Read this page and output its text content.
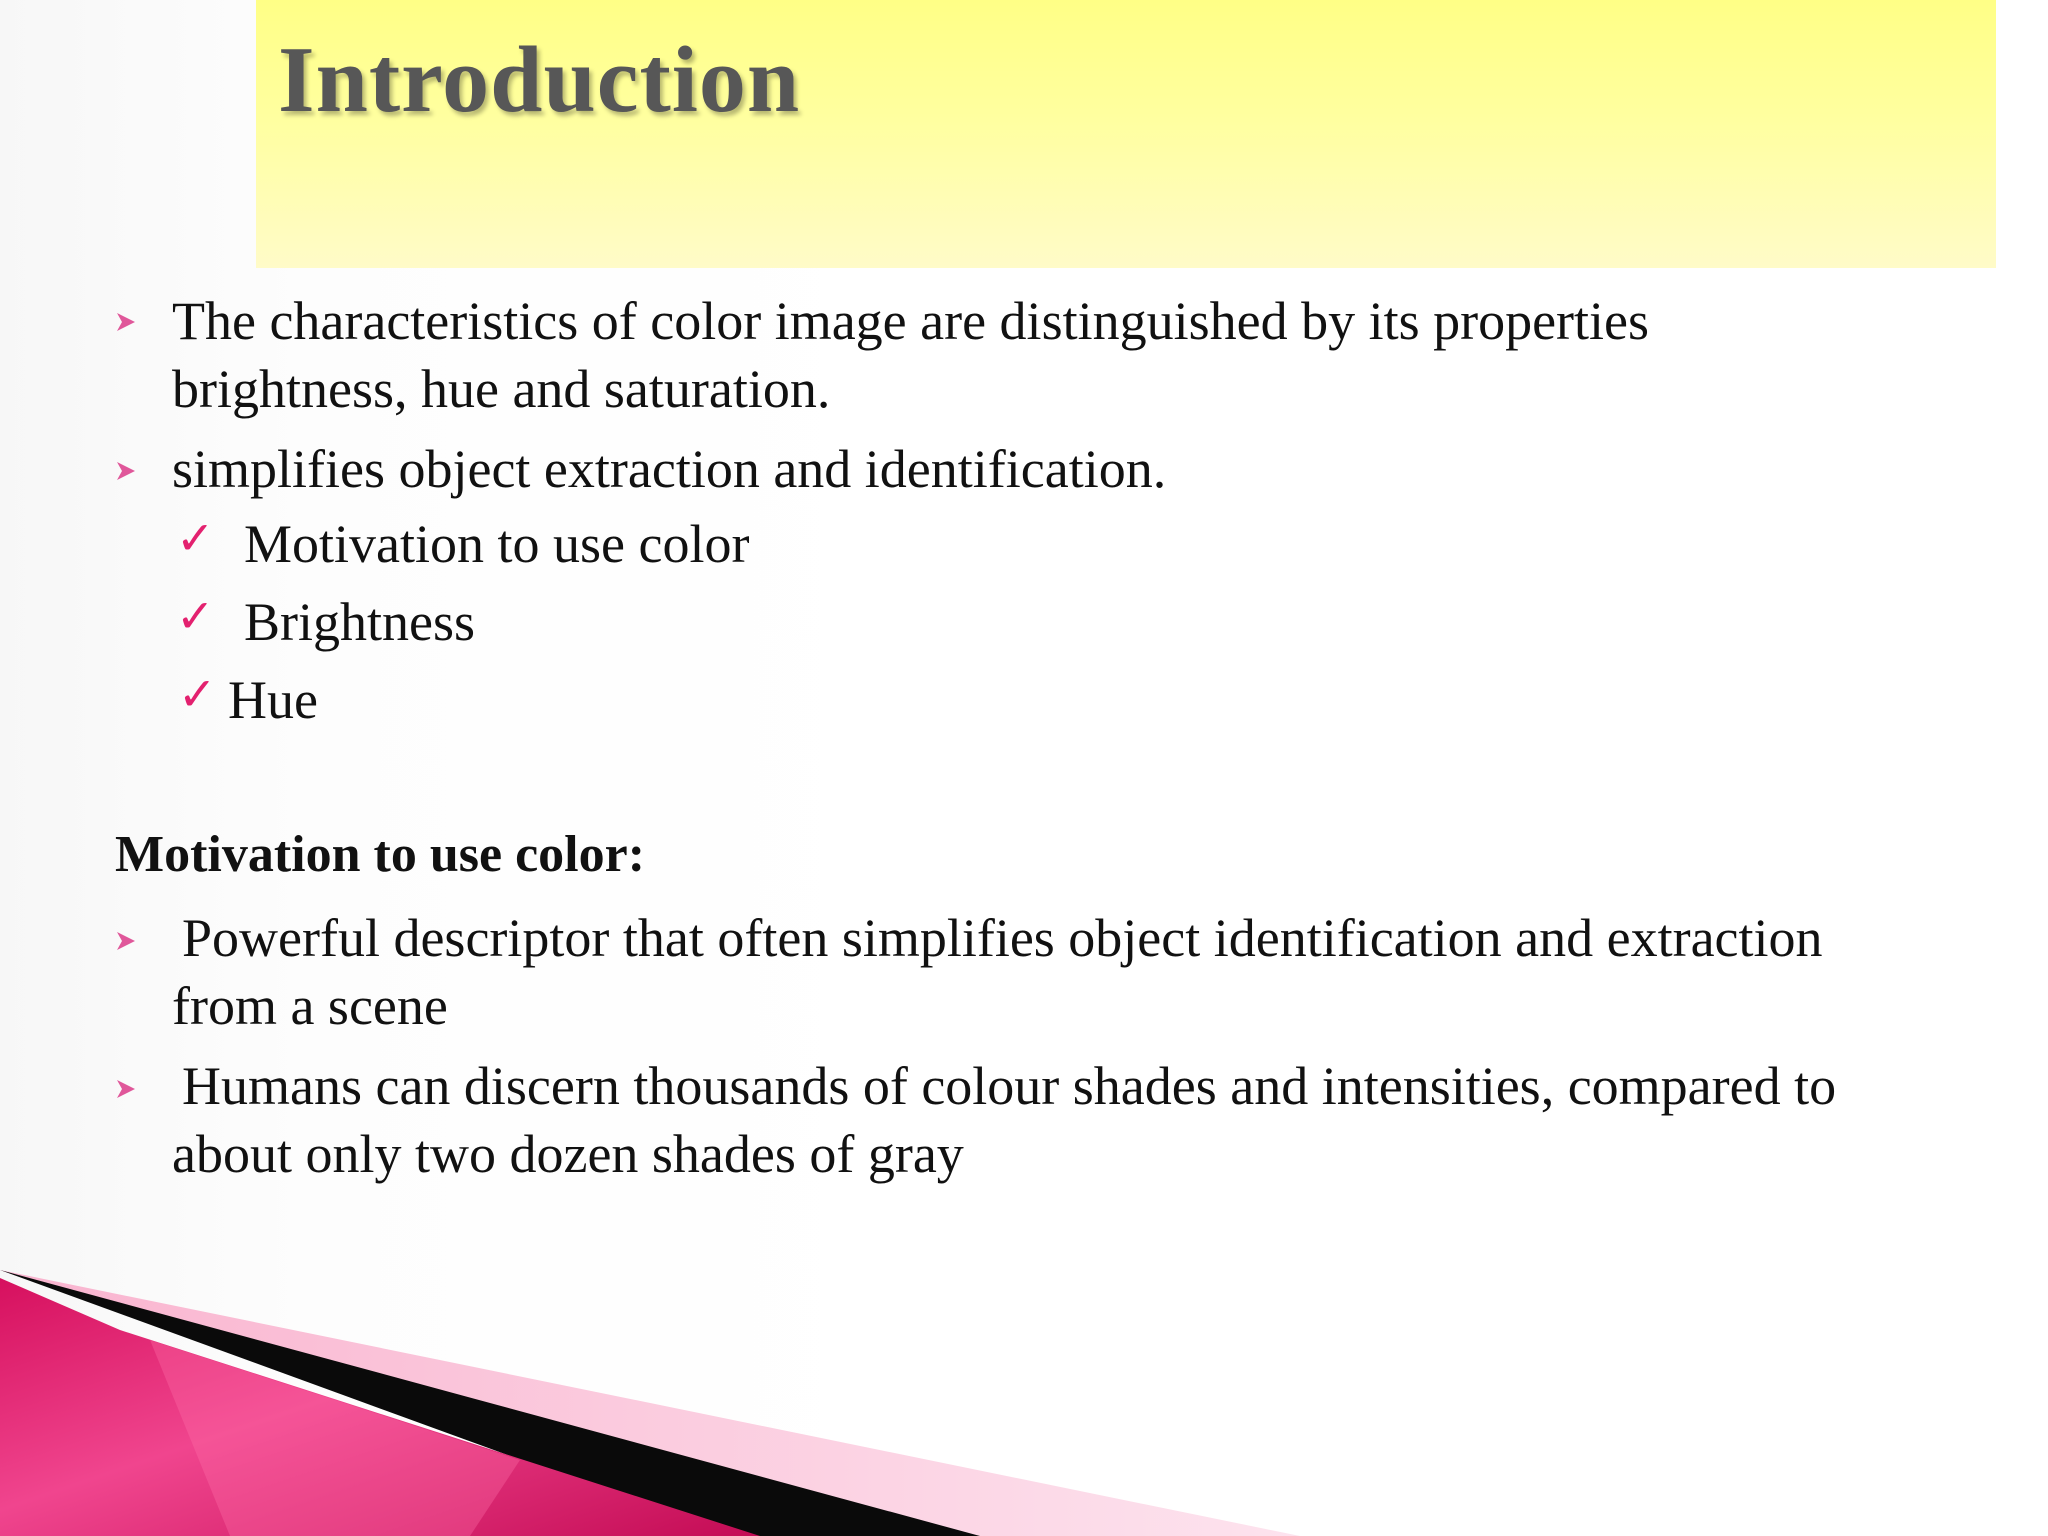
Introduction
The characteristics of color image are distinguished by its properties
brightness, hue and saturation.
simplifies object extraction and identification.
✓ Motivation to use color
✓ Brightness
✓ Hue
Motivation to use color:
Powerful descriptor that often simplifies object identification and extraction
from a scene
Humans can discern thousands of colour shades and intensities, compared to
about only two dozen shades of gray
